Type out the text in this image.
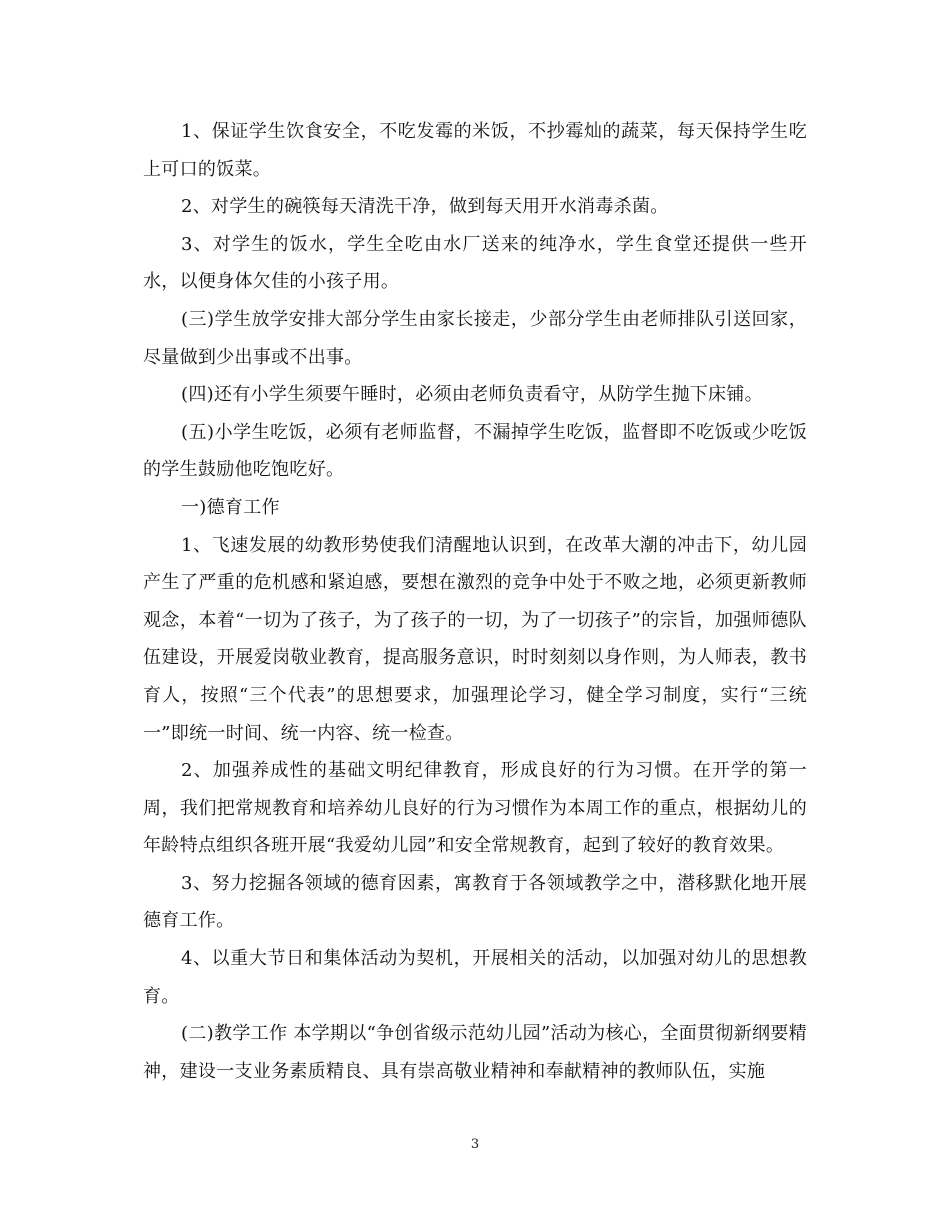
1、保证学生饮食安全，不吃发霉的米饭，不抄霉灿的蔬菜，每天保持学生吃上可口的饭菜。

2、对学生的碗筷每天清洗干净，做到每天用开水消毒杀菌。

3、对学生的饭水，学生全吃由水厂送来的纯净水，学生食堂还提供一些开水，以便身体欠佳的小孩子用。

(三)学生放学安排大部分学生由家长接走，少部分学生由老师排队引送回家，尽量做到少出事或不出事。

(四)还有小学生须要午睡时，必须由老师负责看守，从防学生抛下床铺。

(五)小学生吃饭，必须有老师监督，不漏掉学生吃饭，监督即不吃饭或少吃饭的学生鼓励他吃饱吃好。

一)德育工作

1、飞速发展的幼教形势使我们清醒地认识到，在改革大潮的冲击下，幼儿园产生了严重的危机感和紧迫感，要想在激烈的竞争中处于不败之地，必须更新教师观念，本着“一切为了孩子，为了孩子的一切，为了一切孩子”的宗旨，加强师德队伍建设，开展爱岗敬业教育，提高服务意识，时时刻刻以身作则，为人师表，教书育人，按照“三个代表”的思想要求，加强理论学习，健全学习制度，实行“三统一”即统一时间、统一内容、统一检查。

2、加强养成性的基础文明纪律教育，形成良好的行为习惯。在开学的第一周，我们把常规教育和培养幼儿良好的行为习惯作为本周工作的重点，根据幼儿的年龄特点组织各班开展“我爱幼儿园”和安全常规教育，起到了较好的教育效果。

3、努力挖掘各领域的德育因素，寓教育于各领域教学之中，潜移默化地开展德育工作。

4、以重大节日和集体活动为契机，开展相关的活动，以加强对幼儿的思想教育。

(二)教学工作 本学期以“争创省级示范幼儿园”活动为核心，全面贯彻新纲要精神，建设一支业务素质精良、具有崇高敬业精神和奉献精神的教师队伍，实施

3
